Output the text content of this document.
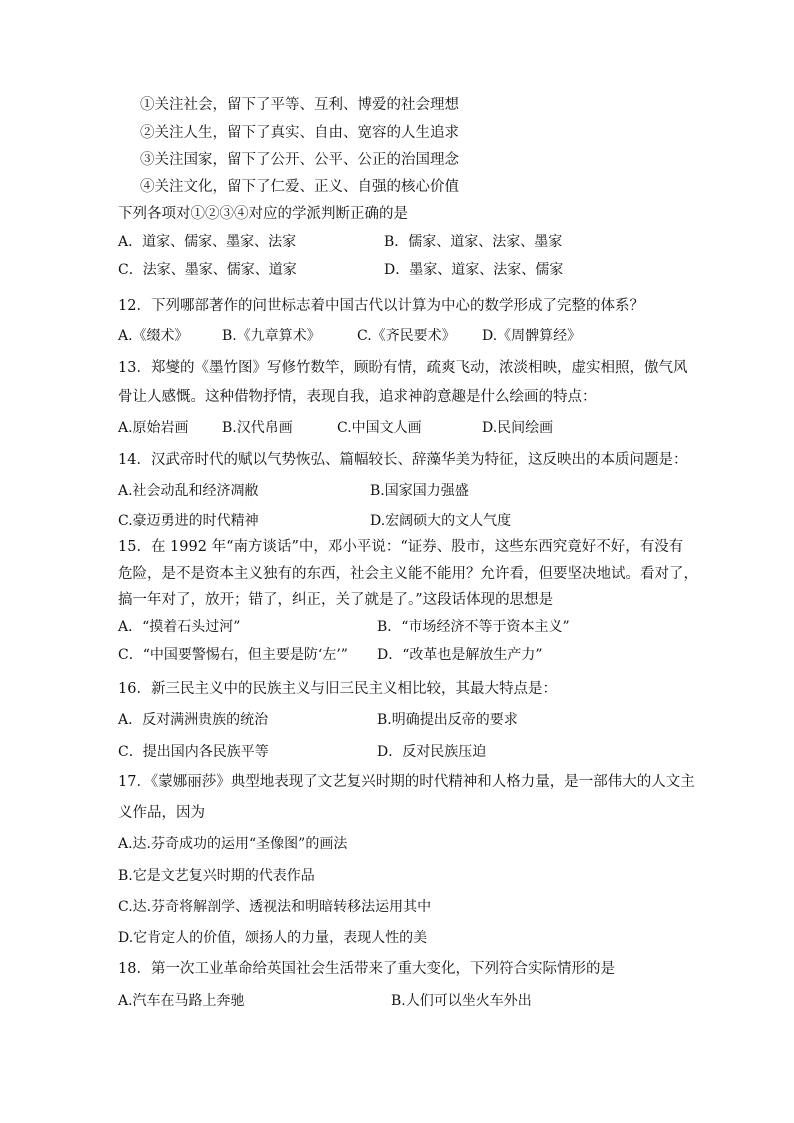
①关注社会，留下了平等、互利、博爱的社会理想
②关注人生，留下了真实、自由、宽容的人生追求
③关注国家，留下了公开、公平、公正的治国理念
④关注文化，留下了仁爱、正义、自强的核心价值
下列各项对①②③④对应的学派判断正确的是
A．道家、儒家、墨家、法家	B．儒家、道家、法家、墨家
C．法家、墨家、儒家、道家	D．墨家、道家、法家、儒家
12．下列哪部著作的问世标志着中国古代以计算为中心的数学形成了完整的体系？
A.《缀术》 B.《九章算术》	C.《齐民要术》 D.《周髀算经》
13．郑燮的《墨竹图》写修竹数竿，顾盼有情，疏爽飞动，浓淡相映，虚实相照，傲气风
骨让人感慨。这种借物抒情，表现自我，追求神韵意趣是什么绘画的特点：
A.原始岩画 B.汉代帛画	C.中国文人画	D.民间绘画
14．汉武帝时代的赋以气势恢弘、篇幅较长、辞藻华美为特征，这反映出的本质问题是：
A.社会动乱和经济凋敝	B.国家国力强盛
C.豪迈勇进的时代精神	D.宏阔硕大的文人气度
15．在 1992 年“南方谈话”中，邓小平说：“证券、股市，这些东西究竟好不好，有没有
危险，是不是资本主义独有的东西，社会主义能不能用？允许看，但要坚决地试。看对了，
搞一年对了，放开；错了，纠正，关了就是了。”这段话体现的思想是
A．“摸着石头过河”	B．“市场经济不等于资本主义”
C．“中国要警惕右，但主要是防‘左’” D．“改革也是解放生产力”
16．新三民主义中的民族主义与旧三民主义相比较，其最大特点是：
A．反对满洲贵族的统治	B.明确提出反帝的要求
C．提出国内各民族平等	D．反对民族压迫
17．《蒙娜丽莎》典型地表现了文艺复兴时期的时代精神和人格力量，是一部伟大的人文主
义作品，因为
A.达.芬奇成功的运用“圣像图”的画法
B.它是文艺复兴时期的代表作品
C.达.芬奇将解剖学、透视法和明暗转移法运用其中
D.它肯定人的价值，颂扬人的力量，表现人性的美
18．第一次工业革命给英国社会生活带来了重大变化，下列符合实际情形的是
A.汽车在马路上奔驰	B.人们可以坐火车外出
